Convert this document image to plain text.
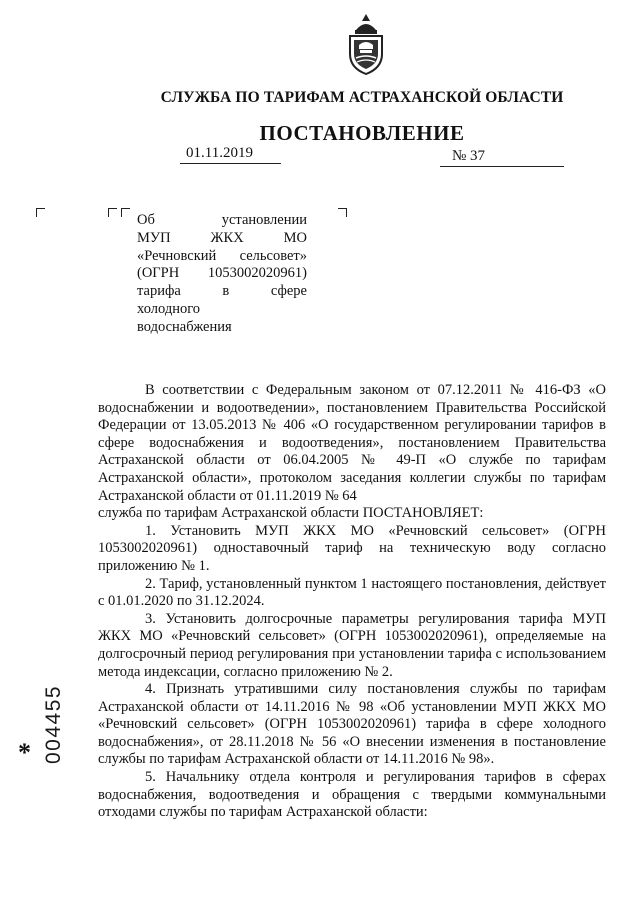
СЛУЖБА ПО ТАРИФАМ АСТРАХАНСКОЙ ОБЛАСТИ
ПОСТАНОВЛЕНИЕ
01.11.2019	№ 37
Об установлении
МУП ЖКХ МО
«Речновский сельсовет»
(ОГРН 1053002020961)
тарифа в сфере
холодного
водоснабжения

В соответствии с Федеральным законом от 07.12.2011 № 416-ФЗ «О водоснабжении и водоотведении», постановлением Правительства Российской Федерации от 13.05.2013 № 406 «О государственном регулировании тарифов в сфере водоснабжения и водоотведения», постановлением Правительства Астраханской области от 06.04.2005 № 49-П «О службе по тарифам Астраханской области», протоколом заседания коллегии службы по тарифам Астраханской области от 01.11.2019 № 64

служба по тарифам Астраханской области ПОСТАНОВЛЯЕТ:

1. Установить МУП ЖКХ МО «Речновский сельсовет» (ОГРН 1053002020961) одноставочный тариф на техническую воду согласно приложению № 1.

2. Тариф, установленный пунктом 1 настоящего постановления, действует с 01.01.2020 по 31.12.2024.

3. Установить долгосрочные параметры регулирования тарифа МУП ЖКХ МО «Речновский сельсовет» (ОГРН 1053002020961), определяемые на долгосрочный период регулирования при установлении тарифа с использованием метода индексации, согласно приложению № 2.

4. Признать утратившими силу постановления службы по тарифам Астраханской области от 14.11.2016 № 98 «Об установлении МУП ЖКХ МО «Речновский сельсовет» (ОГРН 1053002020961) тарифа в сфере холодного водоснабжения», от 28.11.2018 № 56 «О внесении изменения в постановление службы по тарифам Астраханской области от 14.11.2016 № 98».

5. Начальнику отдела контроля и регулирования тарифов в сферах водоснабжения, водоотведения и обращения с твердыми коммунальными отходами службы по тарифам Астраханской области:

* 004455
